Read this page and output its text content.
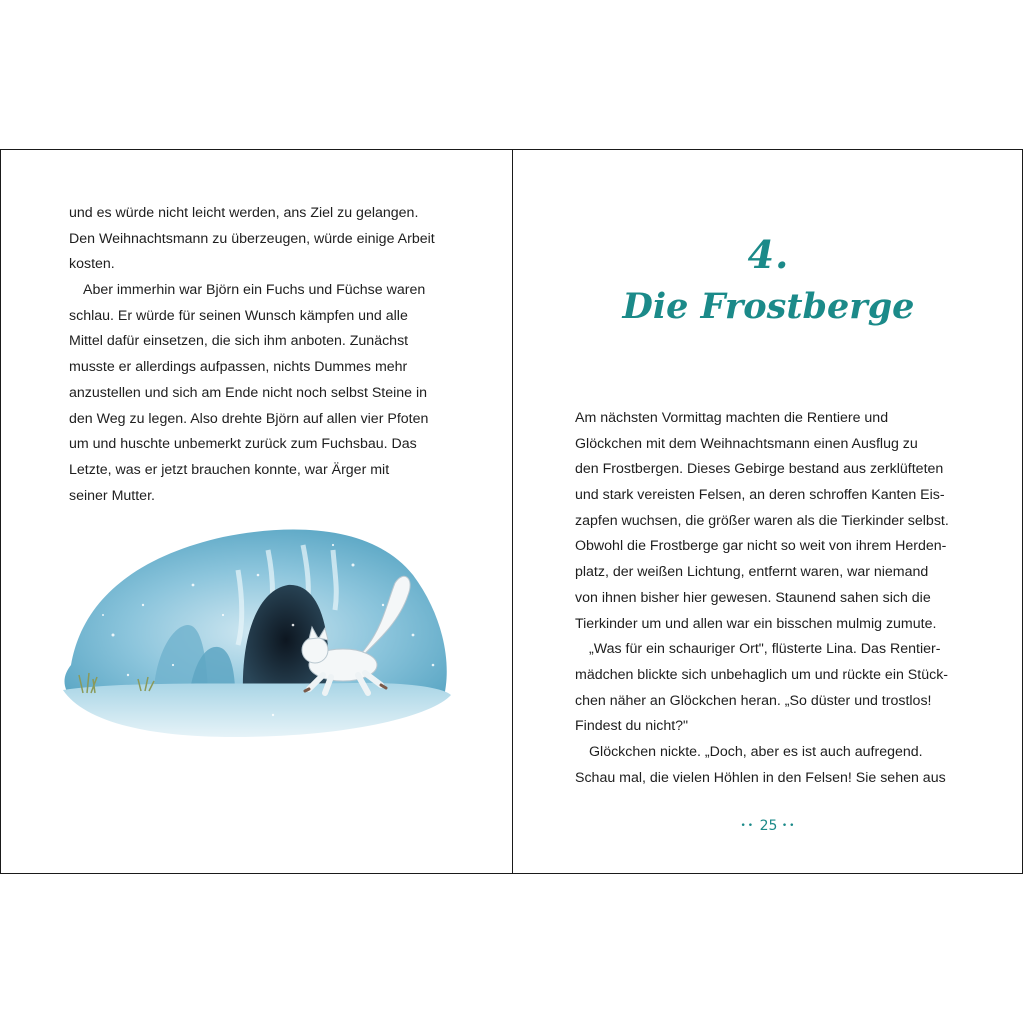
und es würde nicht leicht werden, ans Ziel zu gelangen.
Den Weihnachtsmann zu überzeugen, würde einige Arbeit
kosten.
Aber immerhin war Björn ein Fuchs und Füchse waren
schlau. Er würde für seinen Wunsch kämpfen und alle
Mittel dafür einsetzen, die sich ihm anboten. Zunächst
musste er allerdings aufpassen, nichts Dummes mehr
anzustellen und sich am Ende nicht noch selbst Steine in
den Weg zu legen. Also drehte Björn auf allen vier Pfoten
um und huschte unbemerkt zurück zum Fuchsbau. Das
Letzte, was er jetzt brauchen konnte, war Ärger mit
seiner Mutter.
4.
Die Frostberge
Am nächsten Vormittag machten die Rentiere und
Glöckchen mit dem Weihnachtsmann einen Ausflug zu
den Frostbergen. Dieses Gebirge bestand aus zerklüfteten
und stark vereisten Felsen, an deren schroffen Kanten Eis-
zapfen wuchsen, die größer waren als die Tierkinder selbst.
Obwohl die Frostberge gar nicht so weit von ihrem Herden-
platz, der weißen Lichtung, entfernt waren, war niemand
von ihnen bisher hier gewesen. Staunend sahen sich die
Tierkinder um und allen war ein bisschen mulmig zumute.
„Was für ein schauriger Ort", flüsterte Lina. Das Rentier-
mädchen blickte sich unbehaglich um und rückte ein Stück-
chen näher an Glöckchen heran. „So düster und trostlos!
Findest du nicht?"
Glöckchen nickte. „Doch, aber es ist auch aufregend.
Schau mal, die vielen Höhlen in den Felsen! Sie sehen aus
•• 25 ••
